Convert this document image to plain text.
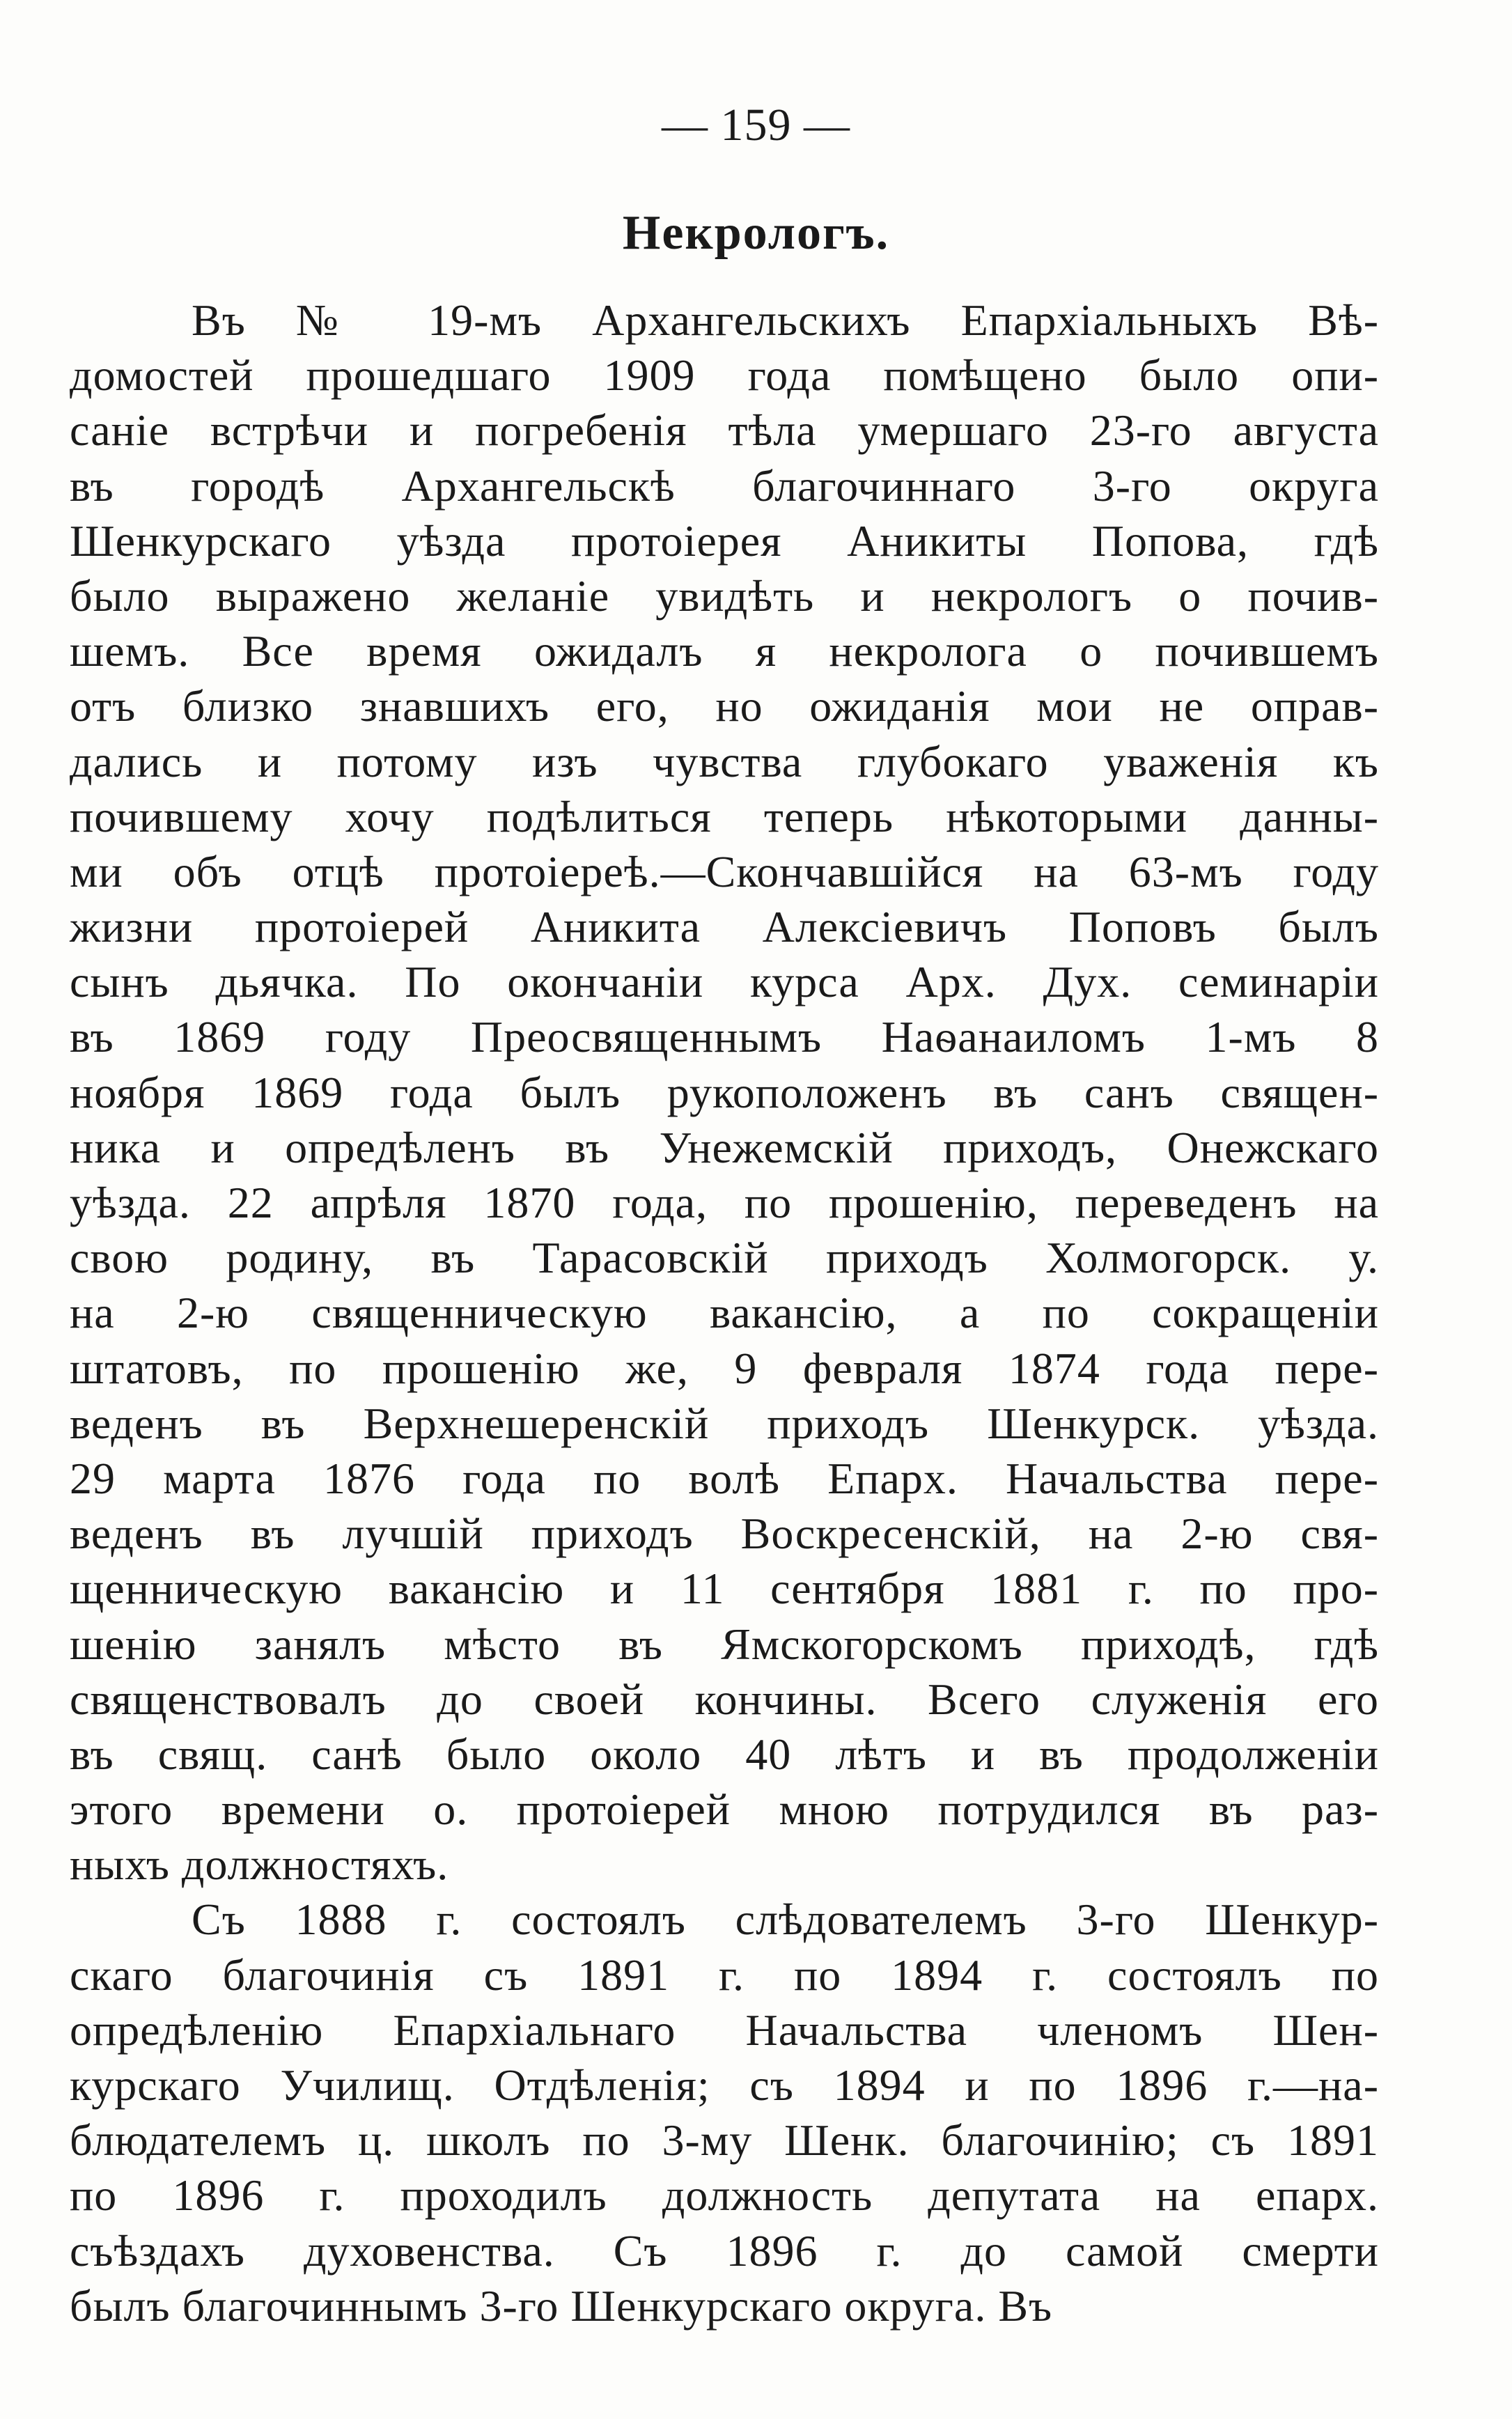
— 159 —
Некрологъ.
Въ № 19-мъ Архангельскихъ Епархiальныхъ Вѣ-
домостей прошедшаго 1909 года помѣщено было опи-
санiе встрѣчи и погребенiя тѣла умершаго 23-го августа
въ городѣ Архангельскѣ благочиннаго 3-го округа
Шенкурскаго уѣзда протоiерея Аникиты Попова, гдѣ
было выражено желанiе увидѣть и некрологъ о почив-
шемъ. Все время ожидалъ я некролога о почившемъ
отъ близко знавшихъ его, но ожиданiя мои не оправ-
дались и потому изъ чувства глубокаго уваженiя къ
почившему хочу подѣлиться теперь нѣкоторыми данны-
ми объ отцѣ протоiереѣ.—Скончавшiйся на 63-мъ году
жизни протоiерей Аникита Алексiевичъ Поповъ былъ
сынъ дьячка. По окончанiи курса Арх. Дух. семинарiи
въ 1869 году Преосвященнымъ Наѳанаиломъ 1-мъ 8
ноября 1869 года былъ рукоположенъ въ санъ священ-
ника и опредѣленъ въ Унежемскiй приходъ, Онежскаго
уѣзда. 22 апрѣля 1870 года, по прошенiю, переведенъ на
свою родину, въ Тарасовскiй приходъ Холмогорск. у.
на 2-ю священническую вакансiю, а по сокращенiи
штатовъ, по прошенiю же, 9 февраля 1874 года пере-
веденъ въ Верхнешеренскiй приходъ Шенкурск. уѣзда.
29 марта 1876 года по волѣ Епарх. Начальства пере-
веденъ въ лучшiй приходъ Воскресенскiй, на 2-ю свя-
щенническую вакансiю и 11 сентября 1881 г. по про-
шенiю занялъ мѣсто въ Ямскогорскомъ приходѣ, гдѣ
священствовалъ до своей кончины. Всего служенiя его
въ свящ. санѣ было около 40 лѣтъ и въ продолженiи
этого времени о. протоiерей мною потрудился въ раз-
ныхъ должностяхъ.
Съ 1888 г. состоялъ слѣдователемъ 3-го Шенкур-
скаго благочинiя съ 1891 г. по 1894 г. состоялъ по
опредѣленiю Епархiальнаго Начальства членомъ Шен-
курскаго Училищ. Отдѣленiя; съ 1894 и по 1896 г.—на-
блюдателемъ ц. школъ по 3-му Шенк. благочинiю; съ 1891
по 1896 г. проходилъ должность депутата на епарх.
съѣздахъ духовенства. Съ 1896 г. до самой смерти
былъ благочиннымъ 3-го Шенкурскаго округа. Въ
